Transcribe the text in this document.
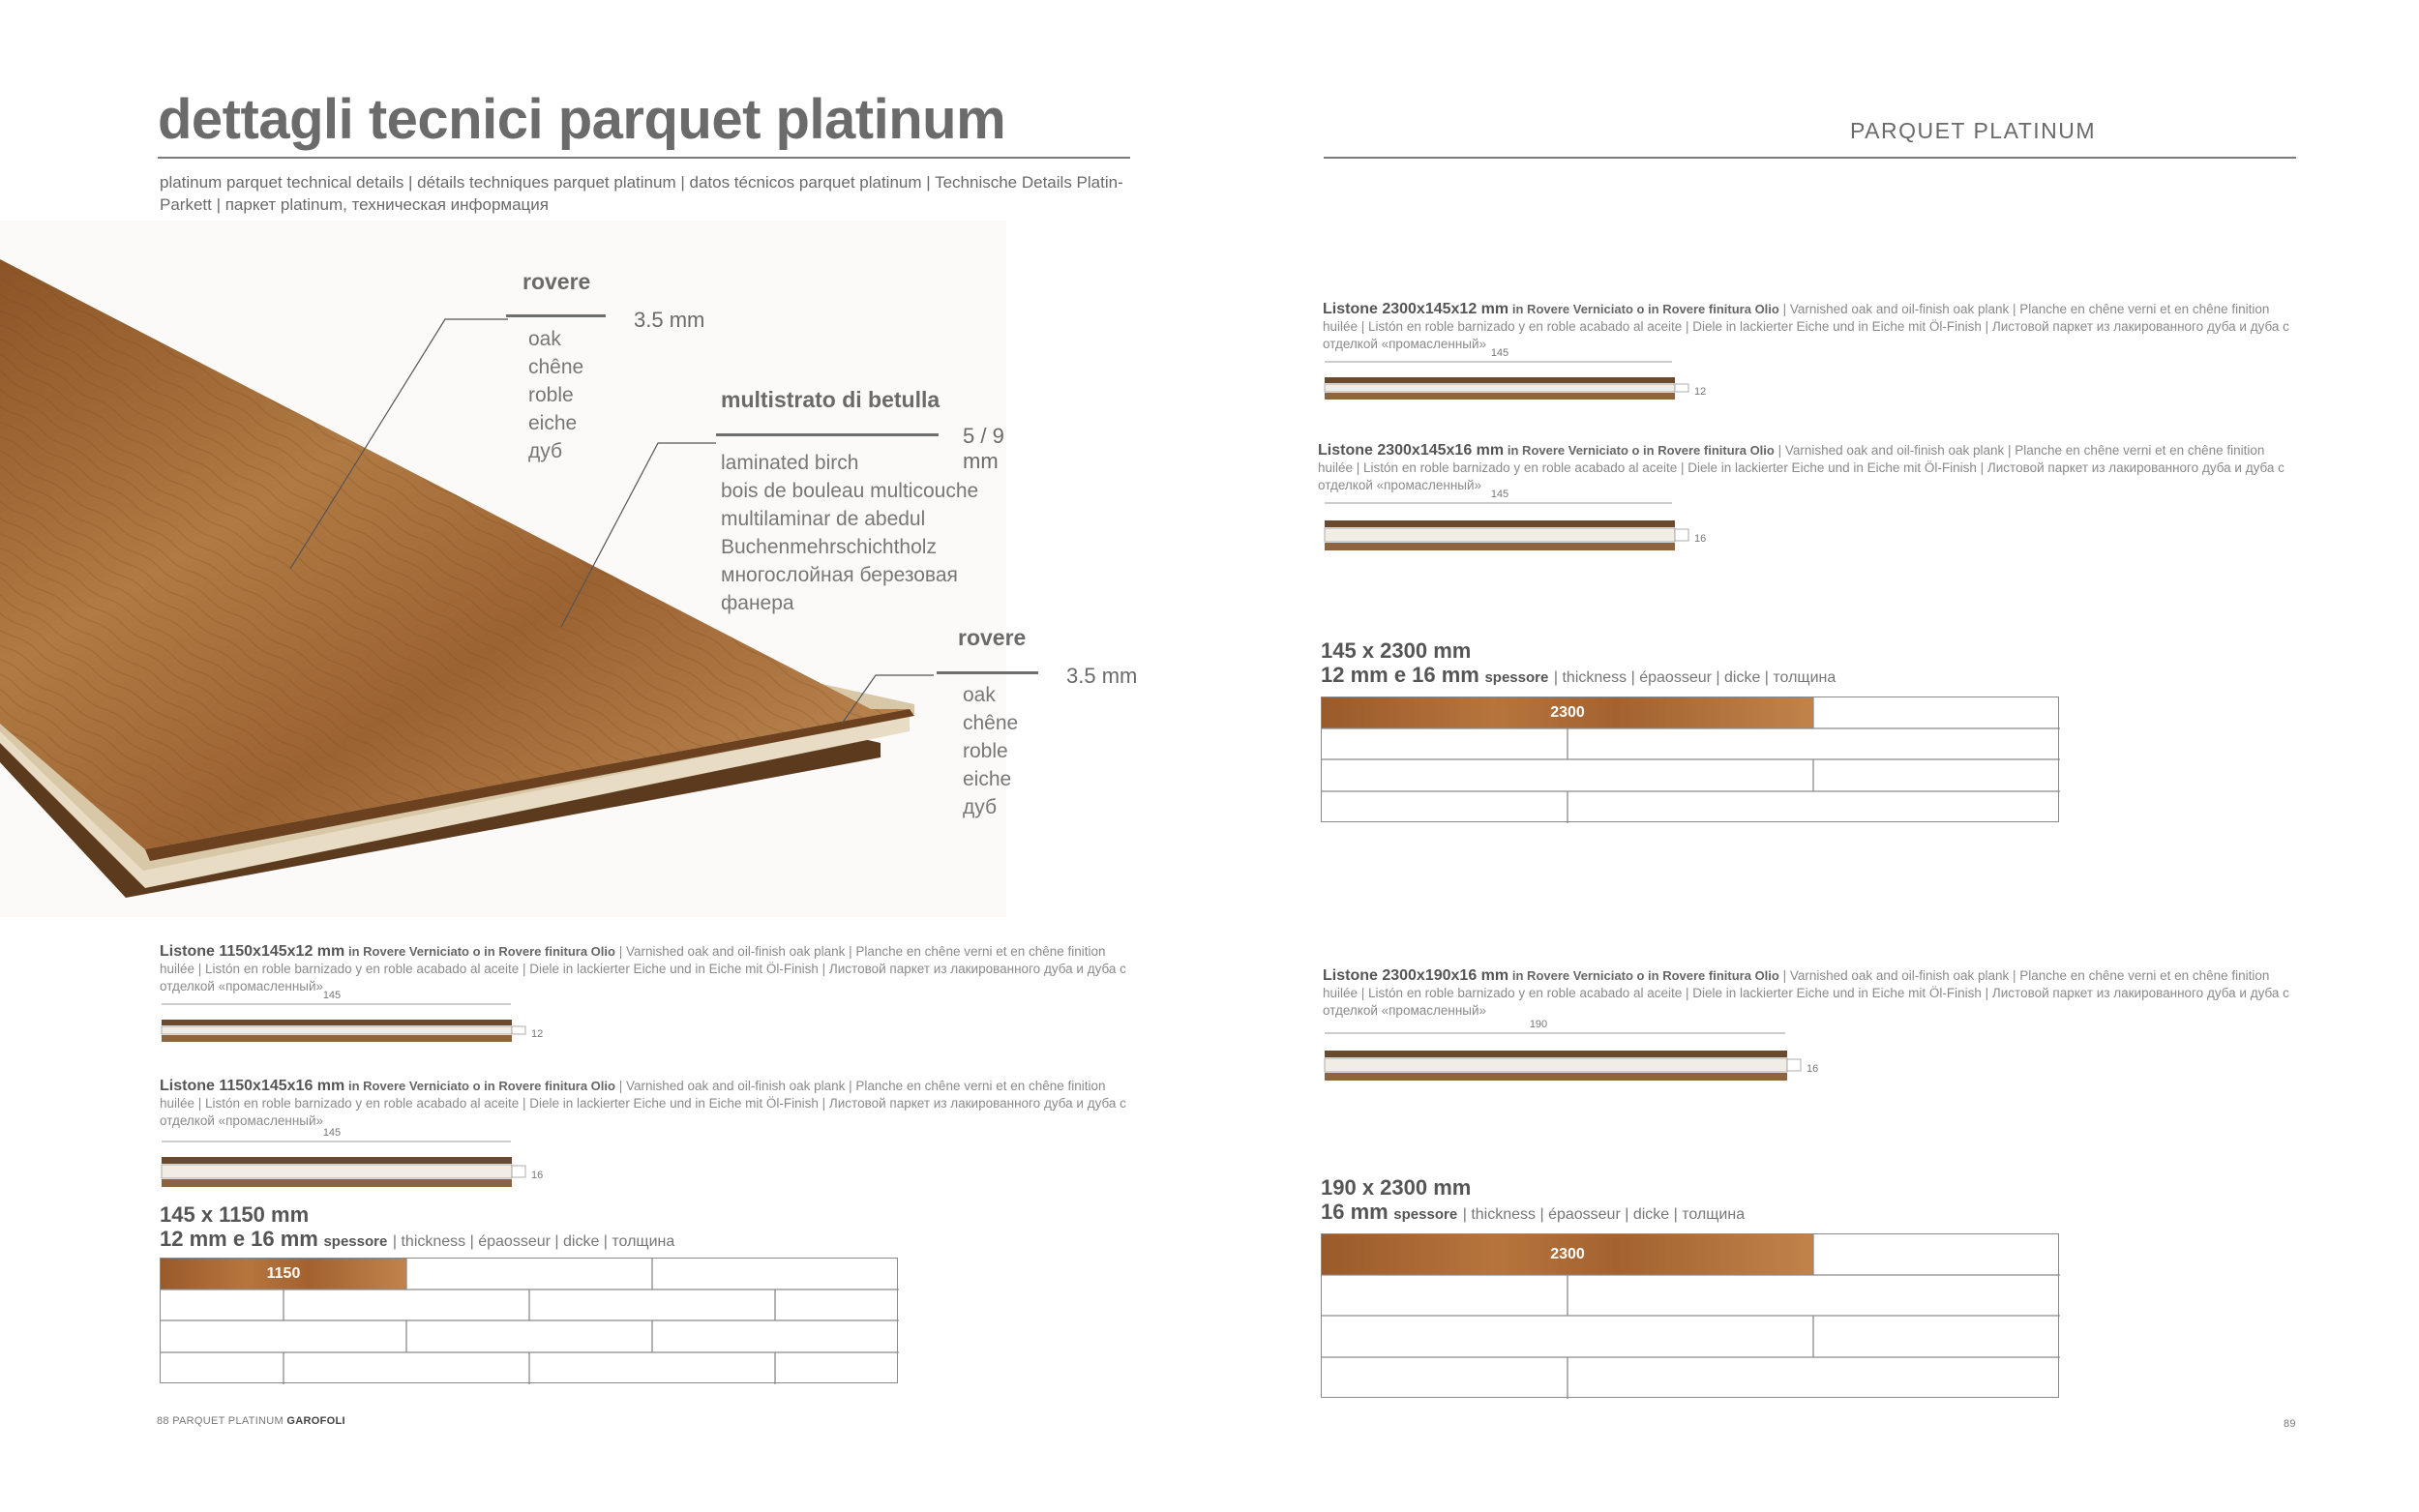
dettagli tecnici parquet platinum
platinum parquet technical details | détails techniques parquet platinum | datos técnicos parquet platinum | Technische Details Platin-Parkett | паркет platinum, техническая информация
PARQUET PLATINUM
rovere
3.5 mm
oak
chêne
roble
eiche
дуб
multistrato di betulla
5 / 9 mm
laminated birch
bois de bouleau multicouche
multilaminar de abedul
Buchenmehrschichtholz
многослойная березовая
фанера
rovere
oak
chêne
roble
eiche
дуб
3.5 mm
Listone 1150x145x12 mm in Rovere Verniciato o in Rovere finitura Olio | Varnished oak and oil-finish oak plank | Planche en chêne verni et en chêne finition huilée | Listón en roble barnizado y en roble acabado al aceite | Diele in lackierter Eiche und in Eiche mit Öl-Finish | Листовой паркет из лакированного дуба и дуба с отделкой «промасленный»
145
12
Listone 1150x145x16 mm in Rovere Verniciato o in Rovere finitura Olio | Varnished oak and oil-finish oak plank | Planche en chêne verni et en chêne finition huilée | Listón en roble barnizado y en roble acabado al aceite | Diele in lackierter Eiche und in Eiche mit Öl-Finish | Листовой паркет из лакированного дуба и дуба с отделкой «промасленный»
145
16
145 x 1150 mm
12 mm e 16 mm spessore | thickness | épaosseur | dicke | толщина
1150
Listone 2300x145x12 mm in Rovere Verniciato o in Rovere finitura Olio | Varnished oak and oil-finish oak plank | Planche en chêne verni et en chêne finition huilée | Listón en roble barnizado y en roble acabado al aceite | Diele in lackierter Eiche und in Eiche mit Öl-Finish | Листовой паркет из лакированного дуба и дуба с отделкой «промасленный»
145
12
Listone 2300x145x16 mm in Rovere Verniciato o in Rovere finitura Olio | Varnished oak and oil-finish oak plank | Planche en chêne verni et en chêne finition huilée | Listón en roble barnizado y en roble acabado al aceite | Diele in lackierter Eiche und in Eiche mit Öl-Finish | Листовой паркет из лакированного дуба и дуба с отделкой «промасленный»
145
16
145 x 2300 mm
12 mm e 16 mm spessore | thickness | épaosseur | dicke | толщина
2300
Listone 2300x190x16 mm in Rovere Verniciato o in Rovere finitura Olio | Varnished oak and oil-finish oak plank | Planche en chêne verni et en chêne finition huilée | Listón en roble barnizado y en roble acabado al aceite | Diele in lackierter Eiche und in Eiche mit Öl-Finish | Листовой паркет из лакированного дуба и дуба с отделкой «промасленный»
190
16
190 x 2300 mm
16 mm spessore | thickness | épaosseur | dicke | толщина
2300
88 PARQUET PLATINUM GAROFOLI	89
